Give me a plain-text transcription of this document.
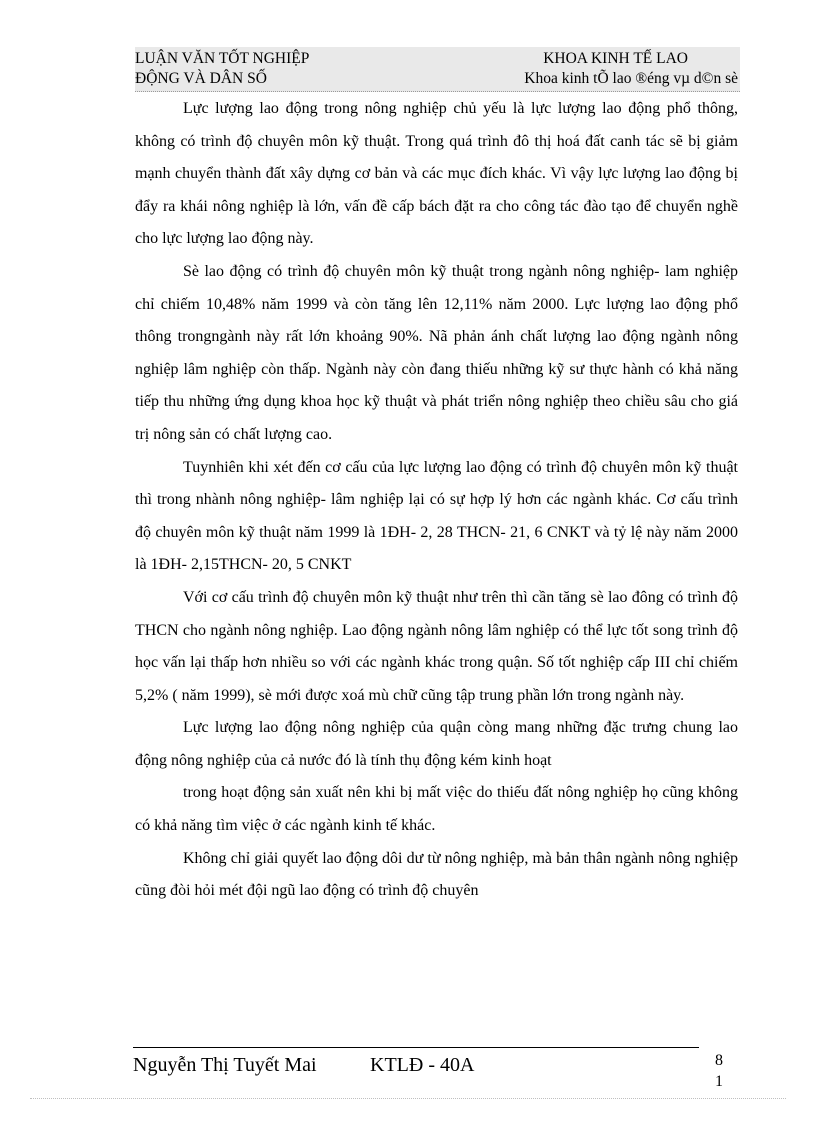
LUẬN VĂN TỐT NGHIỆP	KHOA KINH TẾ LAO
ĐỘNG VÀ DÂN SỐ	Khoa kinh tÕ lao ®éng vµ d©n sè

Lực lượng lao động trong nông nghiệp chủ yếu là lực lượng lao động phổ thông, không có trình độ chuyên môn kỹ thuật. Trong quá trình đô thị hoá đất canh tác sẽ bị giảm mạnh chuyển thành đất xây dựng cơ bản và các mục đích khác. Vì vậy lực lượng lao động bị đẩy ra khái nông nghiệp là lớn, vấn đề cấp bách đặt ra cho công tác đào tạo để chuyển nghề cho lực lượng lao động này.

Sè lao động có trình độ chuyên môn kỹ thuật trong ngành nông nghiệp- lam nghiệp chỉ chiếm 10,48% năm 1999 và còn tăng lên 12,11% năm 2000. Lực lượng lao động phổ thông trongngành này rất lớn khoảng 90%. Nã phản ánh chất lượng lao động ngành nông nghiệp lâm nghiệp còn thấp. Ngành này còn đang thiếu những kỹ sư thực hành có khả năng tiếp thu những ứng dụng khoa học kỹ thuật và phát triển nông nghiệp theo chiều sâu cho giá trị nông sản có chất lượng cao.

Tuynhiên khi xét đến cơ cấu của lực lượng lao động có trình độ chuyên môn kỹ thuật thì trong nhành nông nghiệp- lâm nghiệp lại có sự hợp lý hơn các ngành khác. Cơ cấu trình độ chuyên môn kỹ thuật năm 1999 là 1ĐH- 2, 28 THCN- 21, 6 CNKT và tỷ lệ này năm 2000 là 1ĐH- 2,15THCN- 20, 5 CNKT

Với cơ cấu trình độ chuyên môn kỹ thuật như trên thì cần tăng sè lao đông có trình độ THCN cho ngành nông nghiệp. Lao động ngành nông lâm nghiệp có thể lực tốt song trình độ học vấn lại thấp hơn nhiều so với các ngành khác trong quận. Số tốt nghiệp cấp III chỉ chiếm 5,2% ( năm 1999), sè mới được xoá mù chữ cũng tập trung phần lớn trong ngành này.

Lực lượng lao động nông nghiệp của quận còng mang những đặc trưng chung lao động nông nghiệp của cả nước đó là tính thụ động kém kinh hoạt

trong hoạt động sản xuất nên khi bị mất việc do thiếu đất nông nghiệp họ cũng không có khả năng tìm việc ở các ngành kinh tế khác.

Không chỉ giải quyết lao động dôi dư từ nông nghiệp, mà bản thân ngành nông nghiệp cũng đòi hỏi mét đội ngũ lao động có trình độ chuyên

Nguyễn Thị Tuyết Mai	KTLĐ - 40A	8
1
